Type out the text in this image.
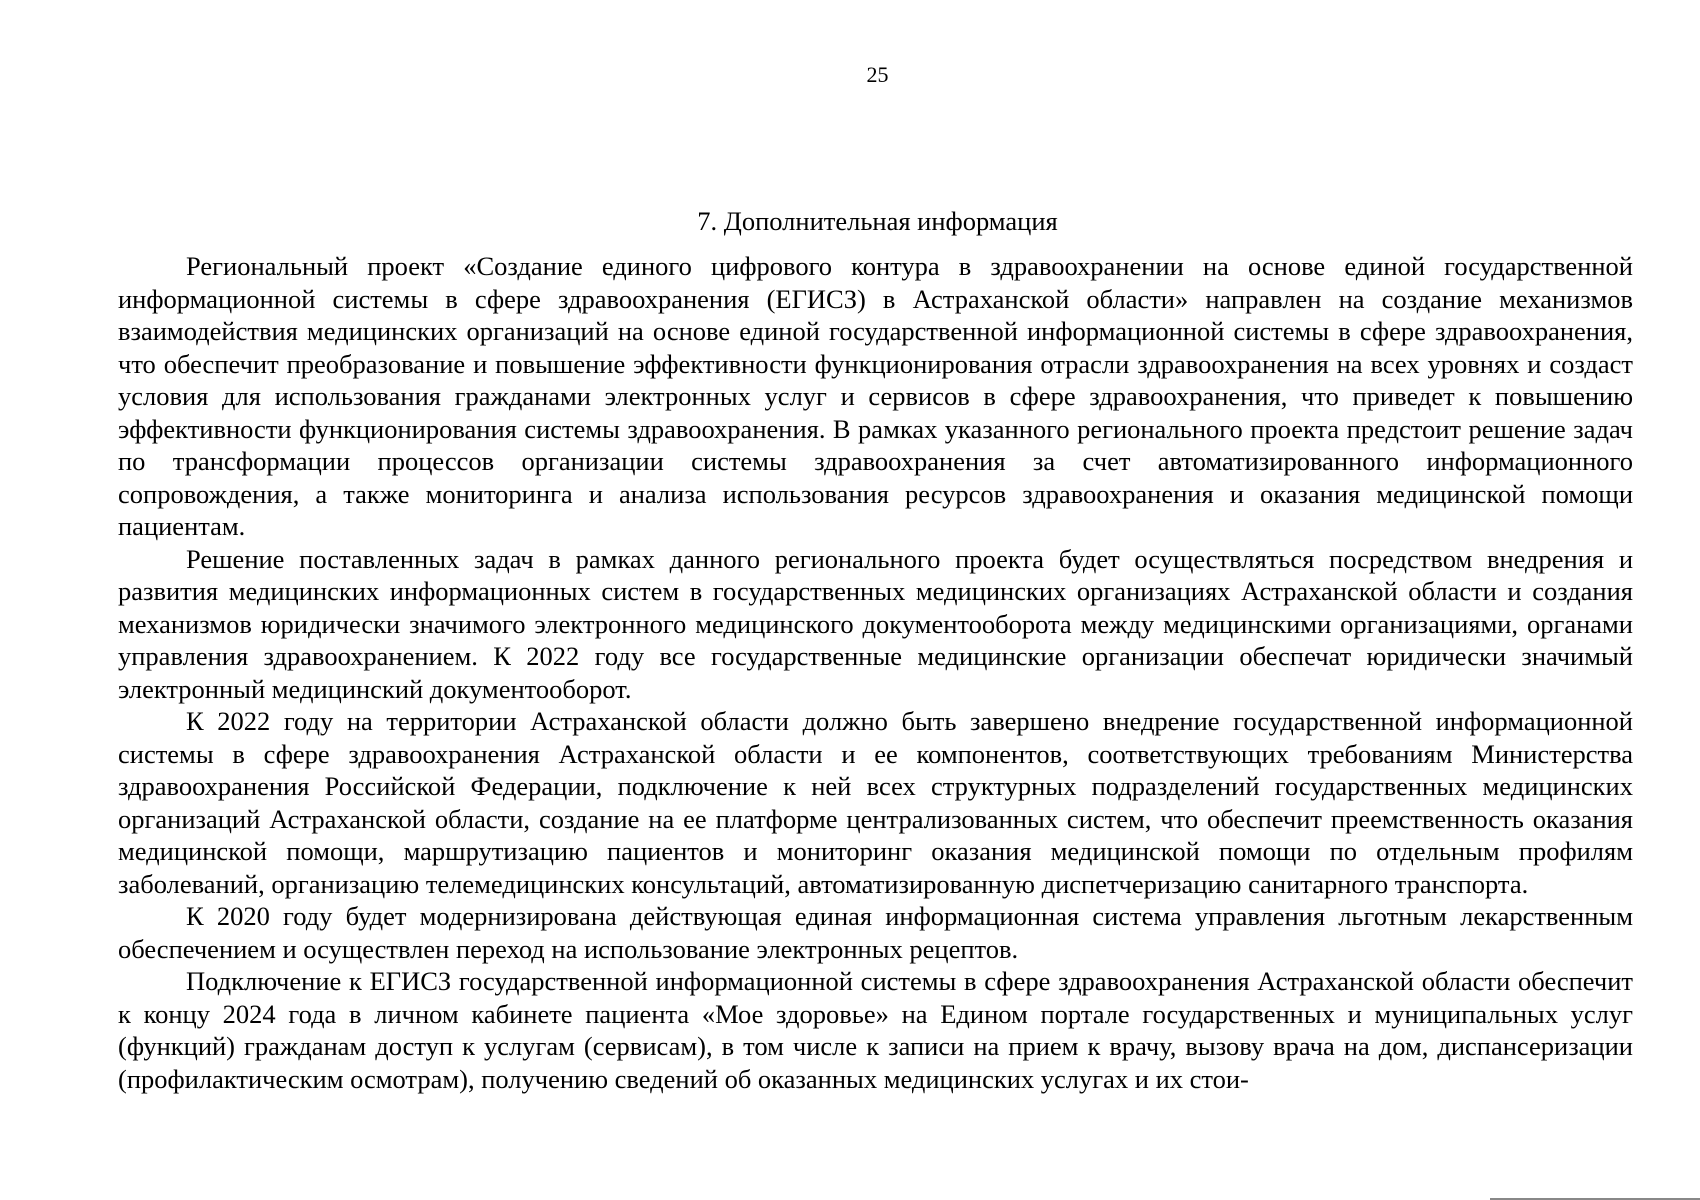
25
7. Дополнительная информация

Региональный проект «Создание единого цифрового контура в здравоохранении на основе единой государственной информационной системы в сфере здравоохранения (ЕГИСЗ) в Астраханской области» направлен на создание механизмов взаимодействия медицинских организаций на основе единой государственной информационной системы в сфере здравоохранения, что обеспечит преобразование и повышение эффективности функционирования отрасли здравоохранения на всех уровнях и создаст условия для использования гражданами электронных услуг и сервисов в сфере здравоохранения, что приведет к повышению эффективности функционирования системы здравоохранения. В рамках указанного регионального проекта предстоит решение задач по трансформации процессов организации системы здравоохранения за счет автоматизированного информационного сопровождения, а также мониторинга и анализа использования ресурсов здравоохранения и оказания медицинской помощи пациентам.

Решение поставленных задач в рамках данного регионального проекта будет осуществляться посредством внедрения и развития медицинских информационных систем в государственных медицинских организациях Астраханской области и создания механизмов юридически значимого электронного медицинского документооборота между медицинскими организациями, органами управления здравоохранением. К 2022 году все государственные медицинские организации обеспечат юридически значимый электронный медицинский документооборот.

К 2022 году на территории Астраханской области должно быть завершено внедрение государственной информационной системы в сфере здравоохранения Астраханской области и ее компонентов, соответствующих требованиям Министерства здравоохранения Российской Федерации, подключение к ней всех структурных подразделений государственных медицинских организаций Астраханской области, создание на ее платформе централизованных систем, что обеспечит преемственность оказания медицинской помощи, маршрутизацию пациентов и мониторинг оказания медицинской помощи по отдельным профилям заболеваний, организацию телемедицинских консультаций, автоматизированную диспетчеризацию санитарного транспорта.

К 2020 году будет модернизирована действующая единая информационная система управления льготным лекарственным обеспечением и осуществлен переход на использование электронных рецептов.

Подключение к ЕГИСЗ государственной информационной системы в сфере здравоохранения Астраханской области обеспечит к концу 2024 года в личном кабинете пациента «Мое здоровье» на Едином портале государственных и муниципальных услуг (функций) гражданам доступ к услугам (сервисам), в том числе к записи на прием к врачу, вызову врача на дом, диспансеризации (профилактическим осмотрам), получению сведений об оказанных медицинских услугах и их стои-
